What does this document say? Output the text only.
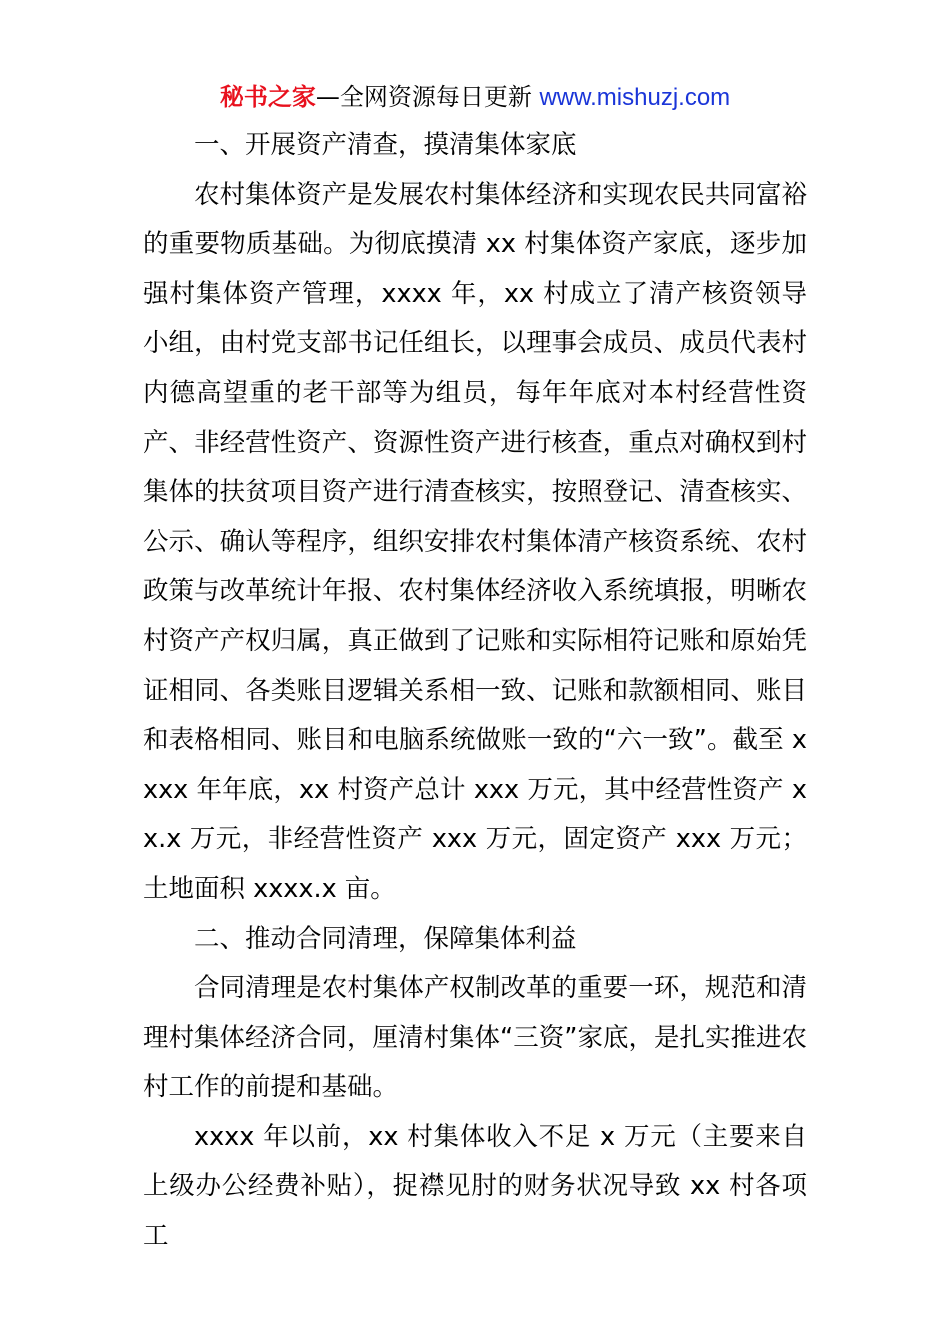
秘书之家—全网资源每日更新 www.mishuzj.com

一、开展资产清查，摸清集体家底

农村集体资产是发展农村集体经济和实现农民共同富裕的重要物质基础。为彻底摸清 xx 村集体资产家底，逐步加强村集体资产管理，xxxx 年，xx 村成立了清产核资领导小组，由村党支部书记任组长，以理事会成员、成员代表村内德高望重的老干部等为组员，每年年底对本村经营性资产、非经营性资产、资源性资产进行核查，重点对确权到村集体的扶贫项目资产进行清查核实，按照登记、清查核实、公示、确认等程序，组织安排农村集体清产核资系统、农村政策与改革统计年报、农村集体经济收入系统填报，明晰农村资产产权归属，真正做到了记账和实际相符记账和原始凭证相同、各类账目逻辑关系相一致、记账和款额相同、账目和表格相同、账目和电脑系统做账一致的“六一致”。截至 xxxx 年年底，xx 村资产总计 xxx 万元，其中经营性资产 xx.x 万元，非经营性资产 xxx 万元，固定资产 xxx 万元；土地面积 xxxx.x 亩。

二、推动合同清理，保障集体利益

合同清理是农村集体产权制改革的重要一环，规范和清理村集体经济合同，厘清村集体“三资”家底，是扎实推进农村工作的前提和基础。

xxxx 年以前，xx 村集体收入不足 x 万元（主要来自上级办公经费补贴），捉襟见肘的财务状况导致 xx 村各项工
